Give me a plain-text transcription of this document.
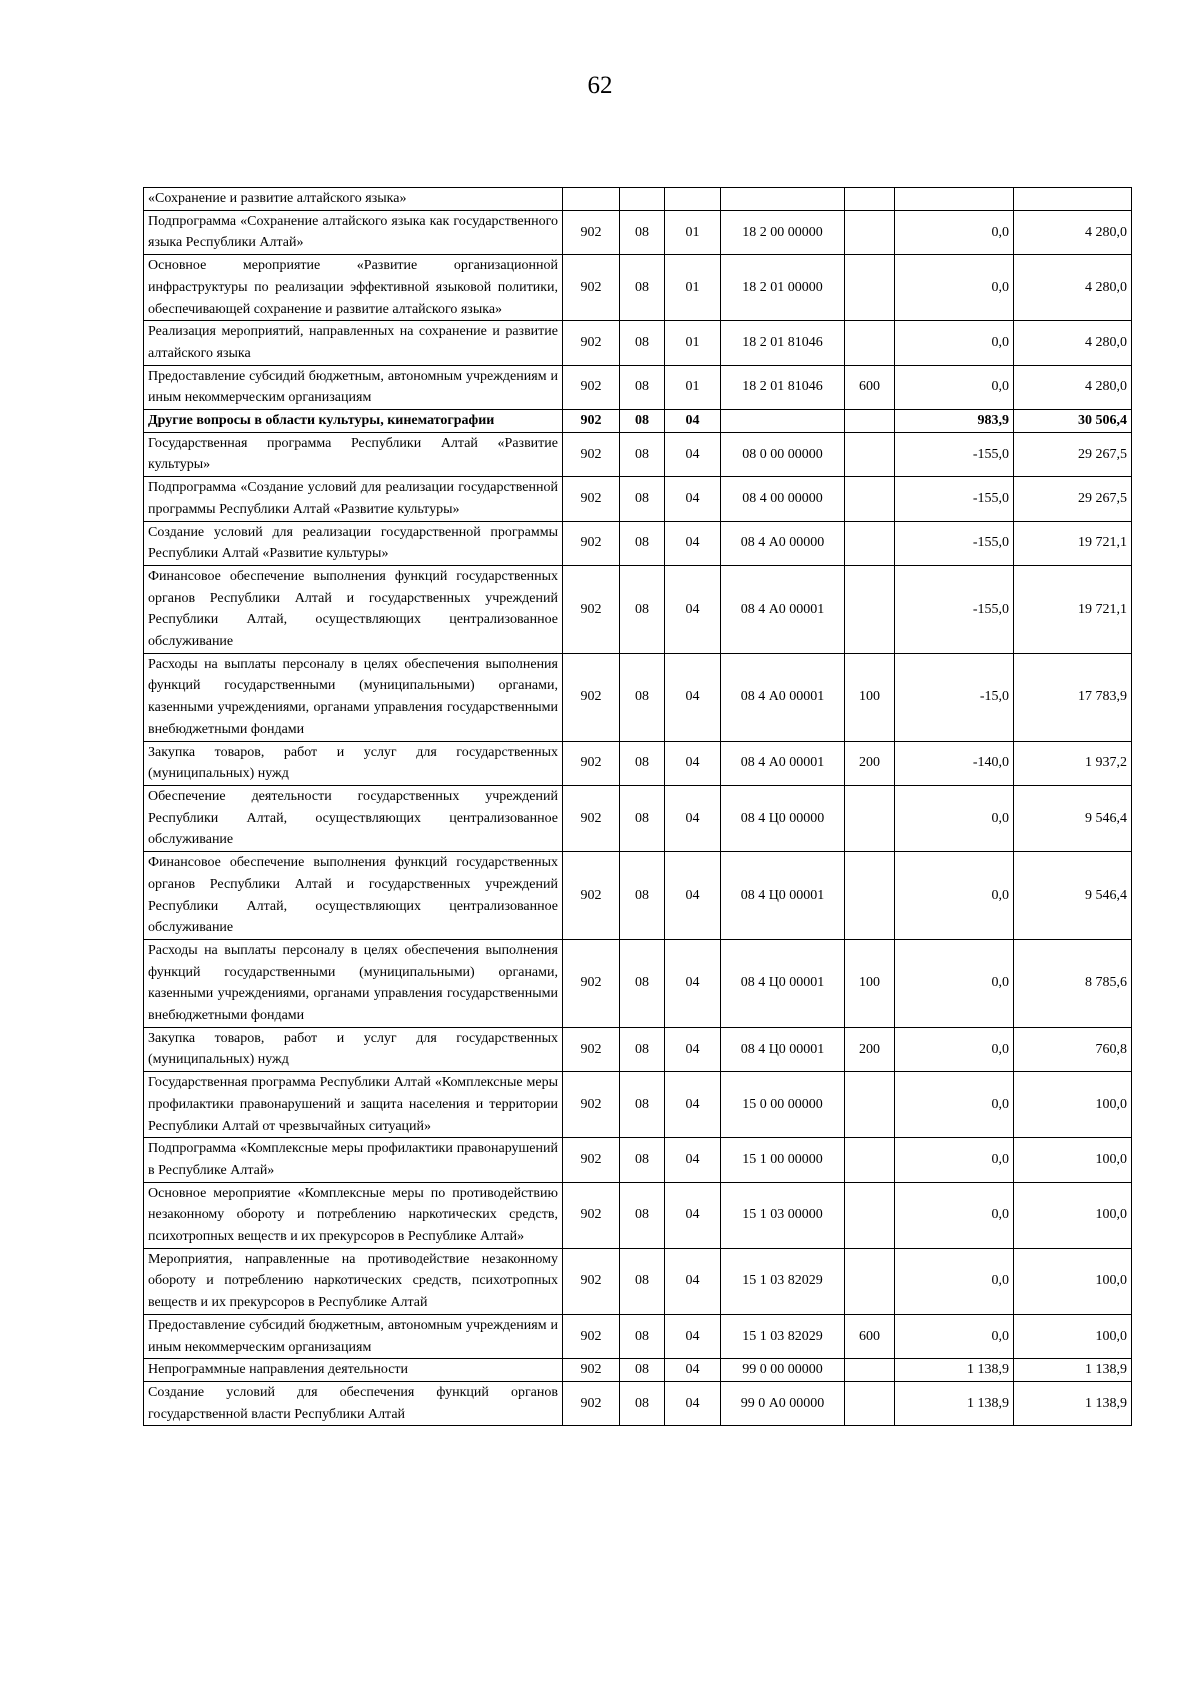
62
«Сохранение и развитие алтайского языка»							
Подпрограмма «Сохранение алтайского языка как государственного языка Республики Алтай»	902	08	01	18 2 00 00000		0,0	4 280,0
Основное мероприятие «Развитие организационной инфраструктуры по реализации эффективной языковой политики, обеспечивающей сохранение и развитие алтайского языка»	902	08	01	18 2 01 00000		0,0	4 280,0
Реализация мероприятий, направленных на сохранение и развитие алтайского языка	902	08	01	18 2 01 81046		0,0	4 280,0
Предоставление субсидий бюджетным, автономным учреждениям и иным некоммерческим организациям	902	08	01	18 2 01 81046	600	0,0	4 280,0
Другие вопросы в области культуры, кинематографии	902	08	04			983,9	30 506,4
Государственная программа Республики Алтай «Развитие культуры»	902	08	04	08 0 00 00000		-155,0	29 267,5
Подпрограмма «Создание условий для реализации государственной программы Республики Алтай «Развитие культуры»	902	08	04	08 4 00 00000		-155,0	29 267,5
Создание условий для реализации государственной программы Республики Алтай «Развитие культуры»	902	08	04	08 4 А0 00000		-155,0	19 721,1
Финансовое обеспечение выполнения функций государственных органов Республики Алтай и государственных учреждений Республики Алтай, осуществляющих централизованное обслуживание	902	08	04	08 4 А0 00001		-155,0	19 721,1
Расходы на выплаты персоналу в целях обеспечения выполнения функций государственными (муниципальными) органами, казенными учреждениями, органами управления государственными внебюджетными фондами	902	08	04	08 4 А0 00001	100	-15,0	17 783,9
Закупка товаров, работ и услуг для государственных (муниципальных) нужд	902	08	04	08 4 А0 00001	200	-140,0	1 937,2
Обеспечение деятельности государственных учреждений Республики Алтай, осуществляющих централизованное обслуживание	902	08	04	08 4 Ц0 00000		0,0	9 546,4
Финансовое обеспечение выполнения функций государственных органов Республики Алтай и государственных учреждений Республики Алтай, осуществляющих централизованное обслуживание	902	08	04	08 4 Ц0 00001		0,0	9 546,4
Расходы на выплаты персоналу в целях обеспечения выполнения функций государственными (муниципальными) органами, казенными учреждениями, органами управления государственными внебюджетными фондами	902	08	04	08 4 Ц0 00001	100	0,0	8 785,6
Закупка товаров, работ и услуг для государственных (муниципальных) нужд	902	08	04	08 4 Ц0 00001	200	0,0	760,8
Государственная программа Республики Алтай «Комплексные меры профилактики правонарушений и защита населения и территории Республики Алтай от чрезвычайных ситуаций»	902	08	04	15 0 00 00000		0,0	100,0
Подпрограмма «Комплексные меры профилактики правонарушений в Республике Алтай»	902	08	04	15 1 00 00000		0,0	100,0
Основное мероприятие «Комплексные меры по противодействию незаконному обороту и потреблению наркотических средств, психотропных веществ и их прекурсоров в Республике Алтай»	902	08	04	15 1 03 00000		0,0	100,0
Мероприятия, направленные на противодействие незаконному обороту и потреблению наркотических средств, психотропных веществ и их прекурсоров в Республике Алтай	902	08	04	15 1 03 82029		0,0	100,0
Предоставление субсидий бюджетным, автономным учреждениям и иным некоммерческим организациям	902	08	04	15 1 03 82029	600	0,0	100,0
Непрограммные направления деятельности	902	08	04	99 0 00 00000		1 138,9	1 138,9
Создание условий для обеспечения функций органов государственной власти Республики Алтай	902	08	04	99 0 А0 00000		1 138,9	1 138,9
